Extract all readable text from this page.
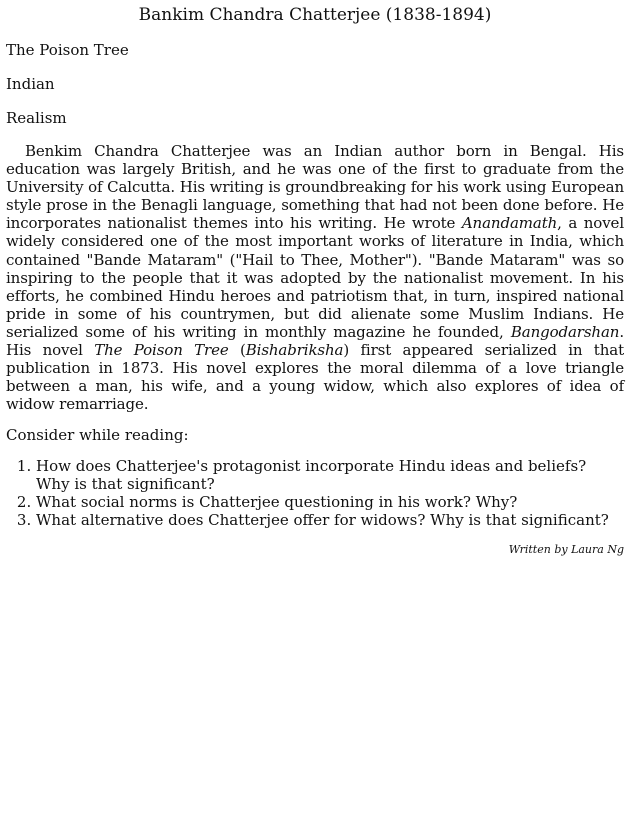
Bankim Chandra Chatterjee (1838-1894)

The Poison Tree

Indian

Realism

Benkim Chandra Chatterjee was an Indian author born in Bengal. His education was largely British, and he was one of the first to graduate from the University of Calcutta. His writing is groundbreaking for his work using European style prose in the Benagli language, something that had not been done before. He incorporates nationalist themes into his writing. He wrote Anandamath, a novel widely considered one of the most important works of literature in India, which contained "Bande Mataram" ("Hail to Thee, Mother"). "Bande Mataram" was so inspiring to the people that it was adopted by the nationalist movement. In his efforts, he combined Hindu heroes and patriotism that, in turn, inspired national pride in some of his countrymen, but did alienate some Muslim Indians. He serialized some of his writing in monthly magazine he founded, Bangodarshan. His novel The Poison Tree (Bishabriksha) first appeared serialized in that publication in 1873. His novel explores the moral dilemma of a love triangle between a man, his wife, and a young widow, which also explores of idea of widow remarriage.

Consider while reading:

1. How does Chatterjee's protagonist incorporate Hindu ideas and beliefs? Why is that significant?
2. What social norms is Chatterjee questioning in his work? Why?
3. What alternative does Chatterjee offer for widows? Why is that significant?

Written by Laura Ng
